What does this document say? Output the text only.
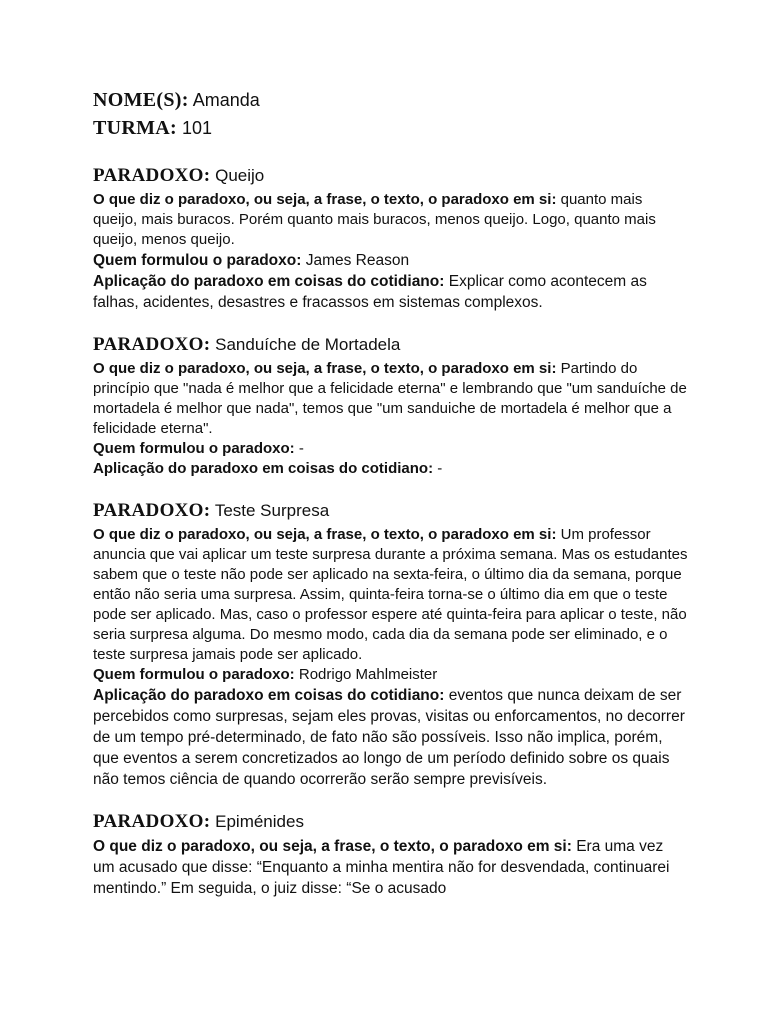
NOME(S): Amanda

TURMA: 101

PARADOXO: Queijo

O que diz o paradoxo, ou seja, a frase, o texto, o paradoxo em si: quanto mais queijo, mais buracos. Porém quanto mais buracos, menos queijo. Logo, quanto mais queijo, menos queijo.

Quem formulou o paradoxo: James Reason

Aplicação do paradoxo em coisas do cotidiano: Explicar como acontecem as falhas, acidentes, desastres e fracassos em sistemas complexos.

PARADOXO: Sanduíche de Mortadela

O que diz o paradoxo, ou seja, a frase, o texto, o paradoxo em si: Partindo do princípio que "nada é melhor que a felicidade eterna" e lembrando que "um sanduíche de mortadela é melhor que nada", temos que "um sanduiche de mortadela é melhor que a felicidade eterna".

Quem formulou o paradoxo: -

Aplicação do paradoxo em coisas do cotidiano: -

PARADOXO: Teste Surpresa

O que diz o paradoxo, ou seja, a frase, o texto, o paradoxo em si: Um professor anuncia que vai aplicar um teste surpresa durante a próxima semana. Mas os estudantes sabem que o teste não pode ser aplicado na sexta-feira, o último dia da semana, porque então não seria uma surpresa. Assim, quinta-feira torna-se o último dia em que o teste pode ser aplicado. Mas, caso o professor espere até quinta-feira para aplicar o teste, não seria surpresa alguma. Do mesmo modo, cada dia da semana pode ser eliminado, e o teste surpresa jamais pode ser aplicado.

Quem formulou o paradoxo: Rodrigo Mahlmeister

Aplicação do paradoxo em coisas do cotidiano: eventos que nunca deixam de ser percebidos como surpresas, sejam eles provas, visitas ou enforcamentos, no decorrer de um tempo pré-determinado, de fato não são possíveis. Isso não implica, porém, que eventos a serem concretizados ao longo de um período definido sobre os quais não temos ciência de quando ocorrerão serão sempre previsíveis.

PARADOXO: Epiménides

O que diz o paradoxo, ou seja, a frase, o texto, o paradoxo em si: Era uma vez um acusado que disse: “Enquanto a minha mentira não for desvendada, continuarei mentindo.” Em seguida, o juiz disse: “Se o acusado
